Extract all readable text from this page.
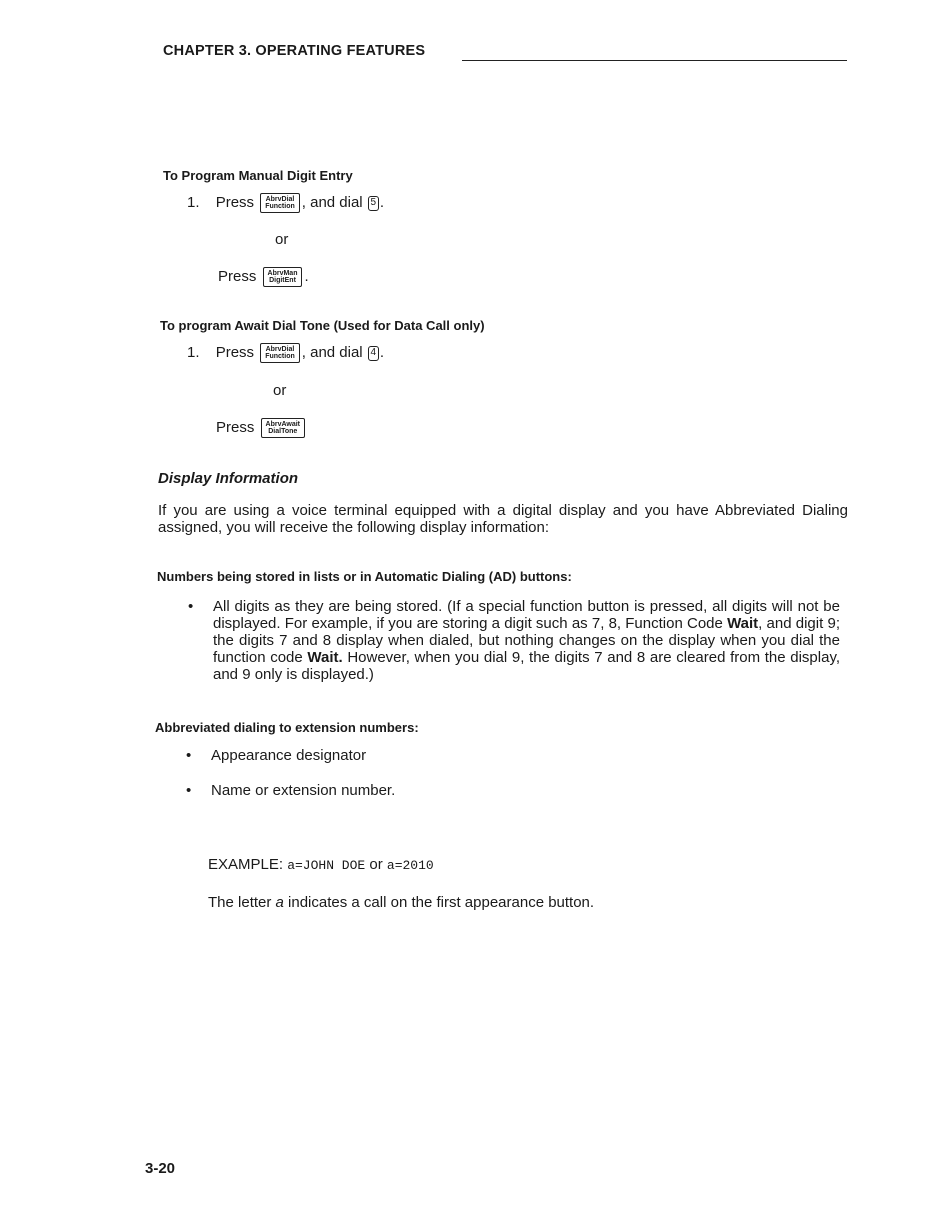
CHAPTER 3. OPERATING FEATURES
To Program Manual Digit Entry
1. Press AbrvDial
Function , and dial 5 .
or
Press AbrvMan
DigitEnt .
To program Await Dial Tone (Used for Data Call only)
1. Press AbrvDial
Function , and dial 4 .
or
Press AbrvAwait
DialTone
Display Information
If you are using a voice terminal equipped with a digital display and you have Abbreviated Dialing assigned, you will receive the following display information:
Numbers being stored in lists or in Automatic Dialing (AD) buttons:
• All digits as they are being stored. (If a special function button is pressed, all digits will not be displayed. For example, if you are storing a digit such as 7, 8, Function Code Wait, and digit 9; the digits 7 and 8 display when dialed, but nothing changes on the display when you dial the function code Wait. However, when you dial 9, the digits 7 and 8 are cleared from the display, and 9 only is displayed.)
Abbreviated dialing to extension numbers:
• Appearance designator
• Name or extension number.
EXAMPLE: a=JOHN DOE or a=2010
The letter a indicates a call on the first appearance button.
3-20
